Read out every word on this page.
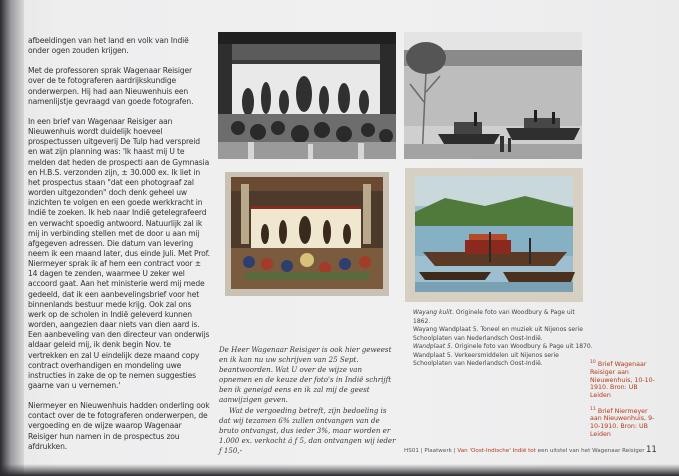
afbeeldingen van het land en volk van Indië onder ogen zouden krijgen.

Met de professoren sprak Wagenaar Reisiger over de te fotograferen aardrijkskundige onderwerpen. Hij had aan Nieuwenhuis een namenlijstje gevraagd van goede fotografen.

In een brief van Wagenaar Reisiger aan Nieuwenhuis wordt duidelijk hoeveel prospectussen uitgeverij De Tulp had verspreid en wat zijn planning was: 'Ik haast mij U te melden dat heden de prospecti aan de Gymnasia en H.B.S. verzonden zijn, ± 30.000 ex. Ik liet in het prospectus staan "dat een photograaf zal worden uitgezonden" doch denk geheel uw inzichten te volgen en een goede werkkracht in Indië te zoeken. Ik heb naar Indië getelegrafeerd en verwacht spoedig antwoord. Natuurlijk zal ik mij in verbinding stellen met de door u aan mij afgegeven adressen. Die datum van levering neem ik een maand later, dus einde Juli. Met Prof. Niermeyer sprak ik af hem een contract voor ± 14 dagen te zenden, waarmee U zeker wel accoord gaat. Aan het ministerie werd mij mede gedeeld, dat ik een aanbevelingsbrief voor het binnenlands bestuur mede krijg. Ook zal ons werk op de scholen in Indië geleverd kunnen worden, aangezien daar niets van dien aard is. Een aanbeveling van den directeur van onderwijs aldaar geleid mij, ik denk begin Nov. te vertrekken en zal U eindelijk deze maand copy contract overhandigen en mondeling uwe instructies in zake de op te nemen suggesties gaarne van u vernemen.'

Niermeyer en Nieuwenhuis hadden onderling ook contact over de te fotograferen onderwerpen, de vergoeding en de wijze waarop Wagenaar Reisiger hun namen in de prospectus zou afdrukken.

Wayang kulit. Originele foto van Woodbury & Page uit 1862.
Wayang Wandplaat 5. Toneel en muziek uit Nijenos serie
Schoolplaten van Nederlandsch Oost-Indië.
Wandplaat 5. Originele foto van Woodbury & Page uit 1870.
Wandplaat 5. Verkeersmiddelen uit Nijenos serie
Schoolplaten van Nederlandsch Oost-Indië.

De Heer Wagenaar Reisiger is ook hier geweest en ik kan nu uw schrijven van 25 Sept. beantwoorden. Wat U over de wijze van opnemen en de keuze der foto's in Indië schrijft ben ik geneigd eens en ik zal mij de geest aanwijzigen geven.

Wat de vergoeding betreft, zijn bedoeling is dat wij tezamen 6% zullen ontvangen van de bruto ontvangst, dus ieder 3%, maar worden er 1.000 ex. verkocht á ƒ 5, dan ontvangen wij ieder ƒ 150,-

$^{10}$ Brief Wagenaar Reisiger aan Nieuwenhuis, 10-10-1910. Bron: UB Leiden

$^{11}$ Brief Niermeyer aan Nieuwenhuis, 9-10-1910. Bron: UB Leiden

HS01 | Plaatwerk | Van 'Oost-Indische' Indië tot een uitstel van het Wagenaar Reisiger 11
